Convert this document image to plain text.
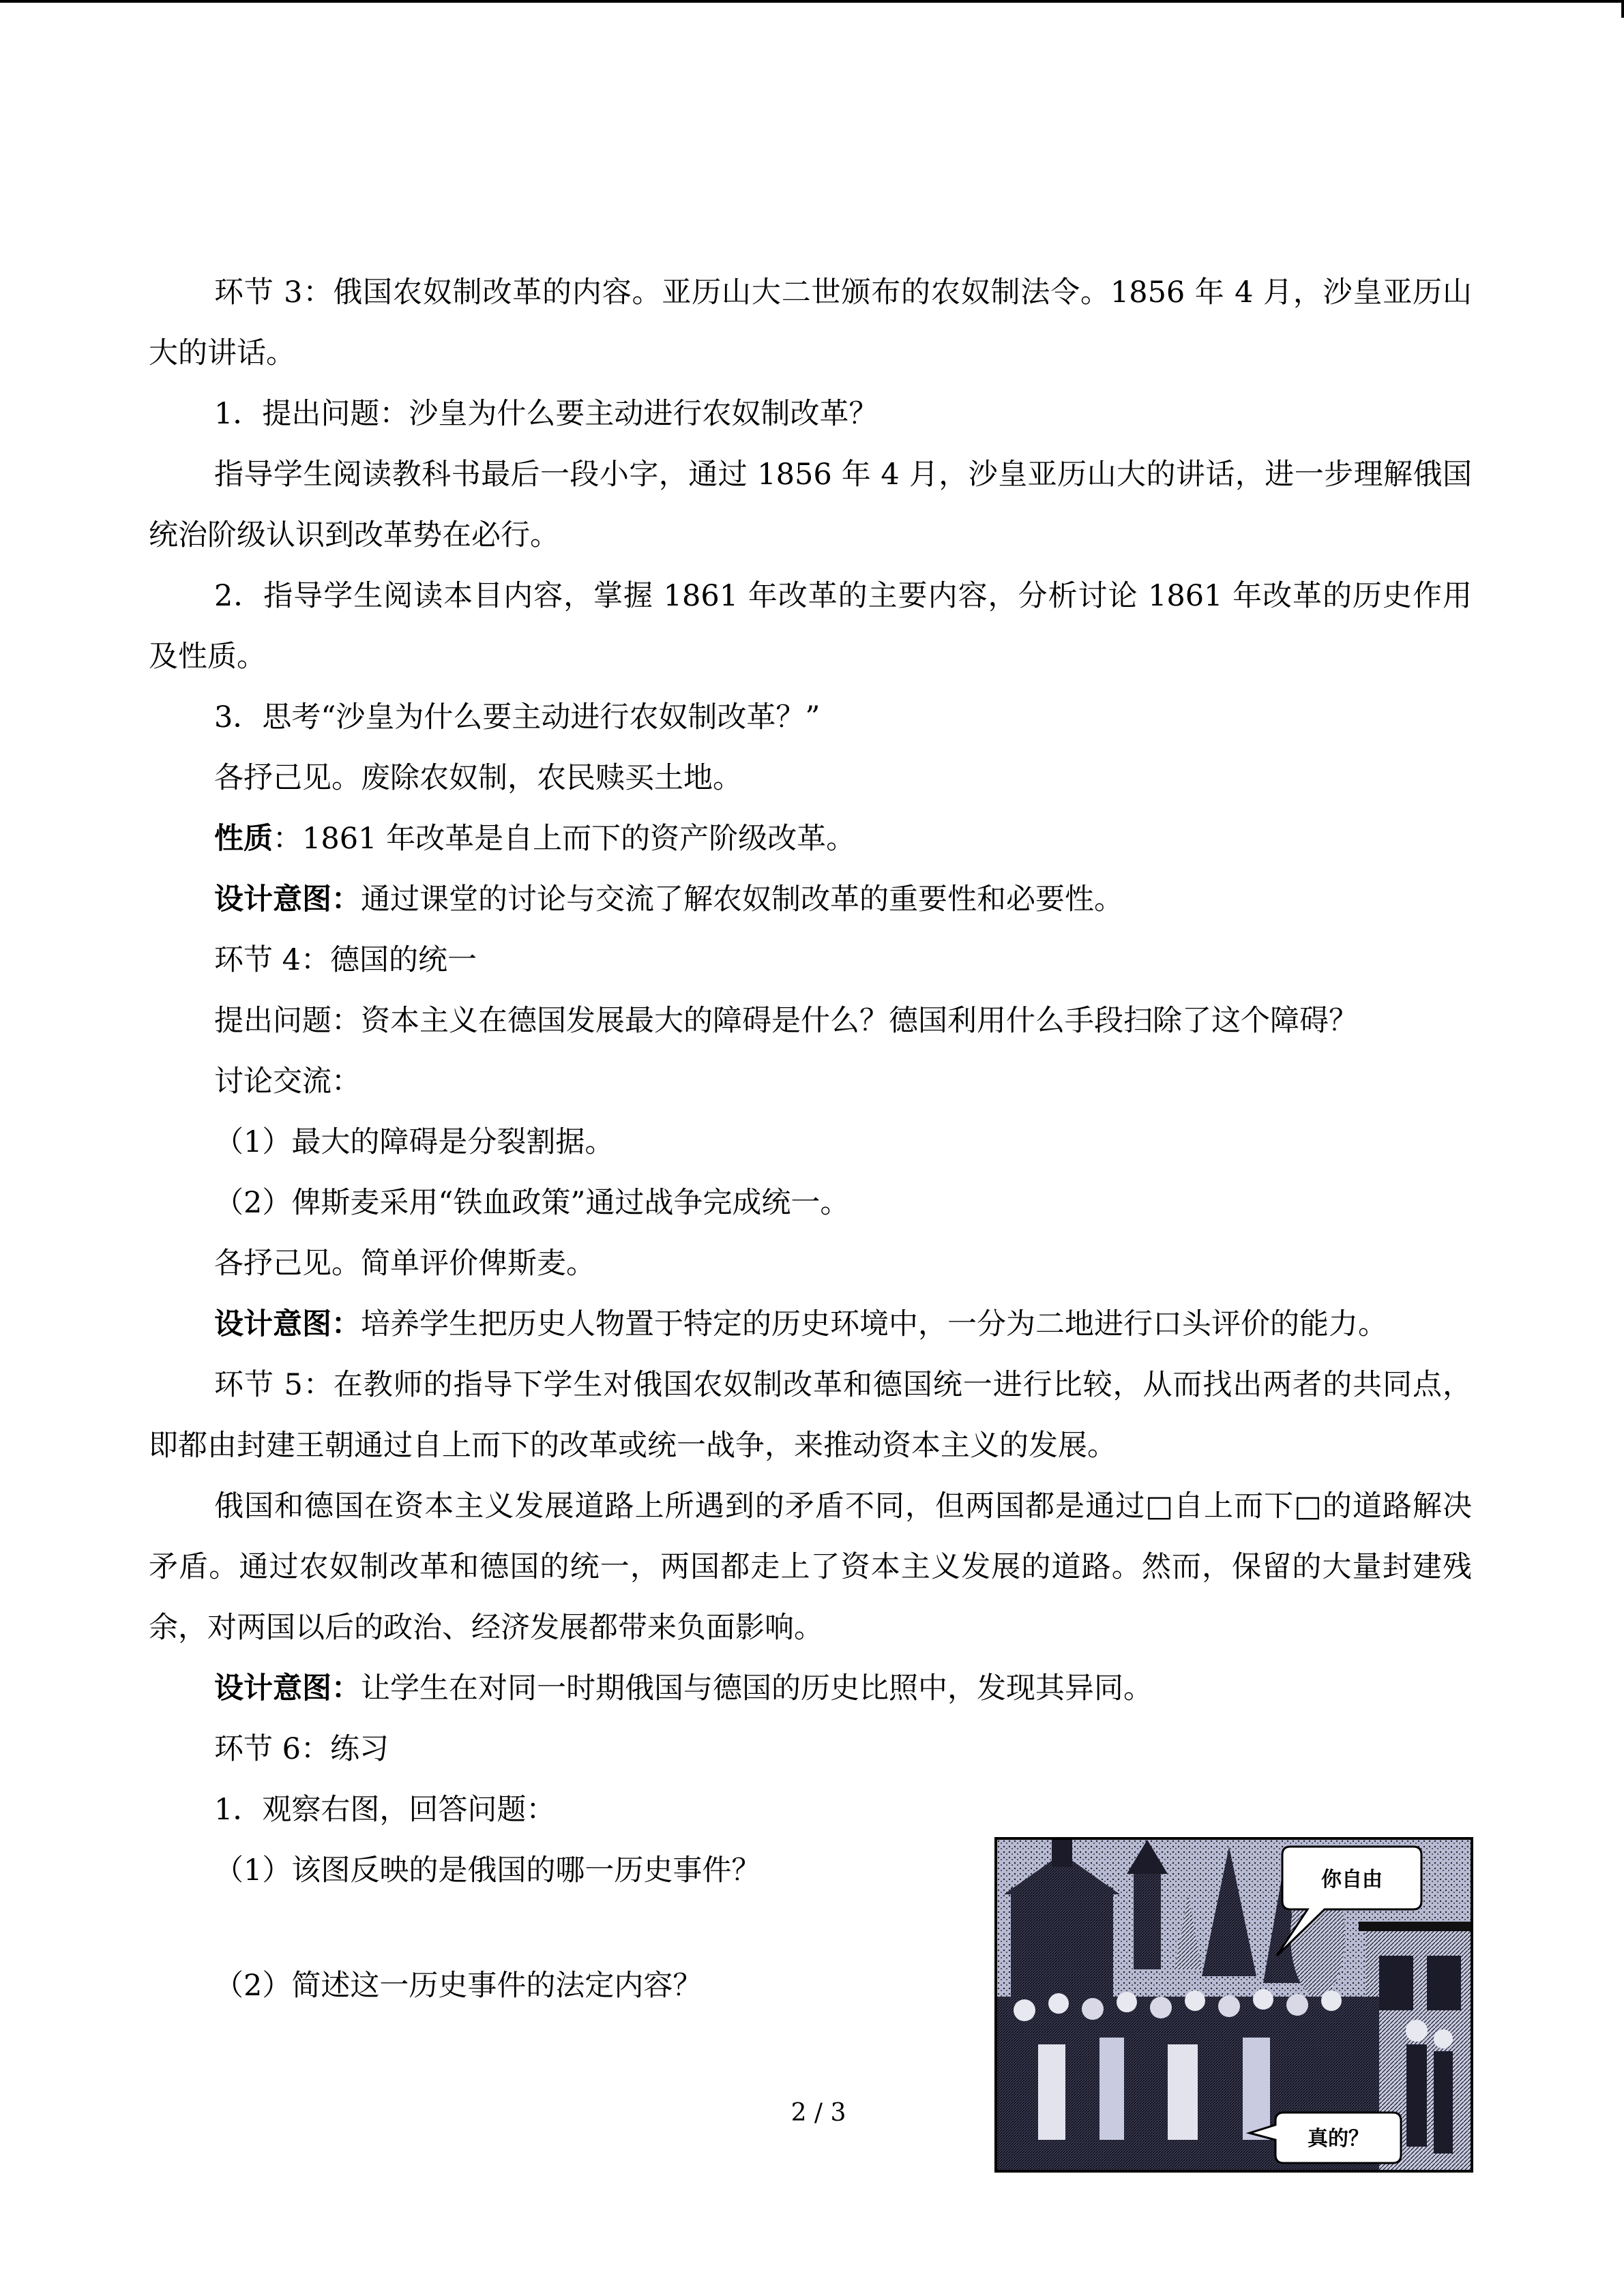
环节 3：俄国农奴制改革的内容。亚历山大二世颁布的农奴制法令。1856 年 4 月，沙皇亚历山大的讲话。

1．提出问题：沙皇为什么要主动进行农奴制改革？

指导学生阅读教科书最后一段小字，通过 1856 年 4 月，沙皇亚历山大的讲话，进一步理解俄国统治阶级认识到改革势在必行。

2．指导学生阅读本目内容，掌握 1861 年改革的主要内容，分析讨论 1861 年改革的历史作用及性质。

3．思考“沙皇为什么要主动进行农奴制改革？”

各抒己见。废除农奴制，农民赎买土地。

性质：1861 年改革是自上而下的资产阶级改革。

设计意图：通过课堂的讨论与交流了解农奴制改革的重要性和必要性。

环节 4：德国的统一

提出问题：资本主义在德国发展最大的障碍是什么？德国利用什么手段扫除了这个障碍？

讨论交流：

（1）最大的障碍是分裂割据。

（2）俾斯麦采用“铁血政策”通过战争完成统一。

各抒己见。简单评价俾斯麦。

设计意图：培养学生把历史人物置于特定的历史环境中，一分为二地进行口头评价的能力。

环节 5：在教师的指导下学生对俄国农奴制改革和德国统一进行比较，从而找出两者的共同点，即都由封建王朝通过自上而下的改革或统一战争，来推动资本主义的发展。

俄国和德国在资本主义发展道路上所遇到的矛盾不同，但两国都是通过□自上而下□的道路解决矛盾。通过农奴制改革和德国的统一，两国都走上了资本主义发展的道路。然而，保留的大量封建残余，对两国以后的政治、经济发展都带来负面影响。

设计意图：让学生在对同一时期俄国与德国的历史比照中，发现其异同。

环节 6：练习

1．观察右图，回答问题：

（1）该图反映的是俄国的哪一历史事件？

（2）简述这一历史事件的法定内容？

你自由
真的？
2 / 3
